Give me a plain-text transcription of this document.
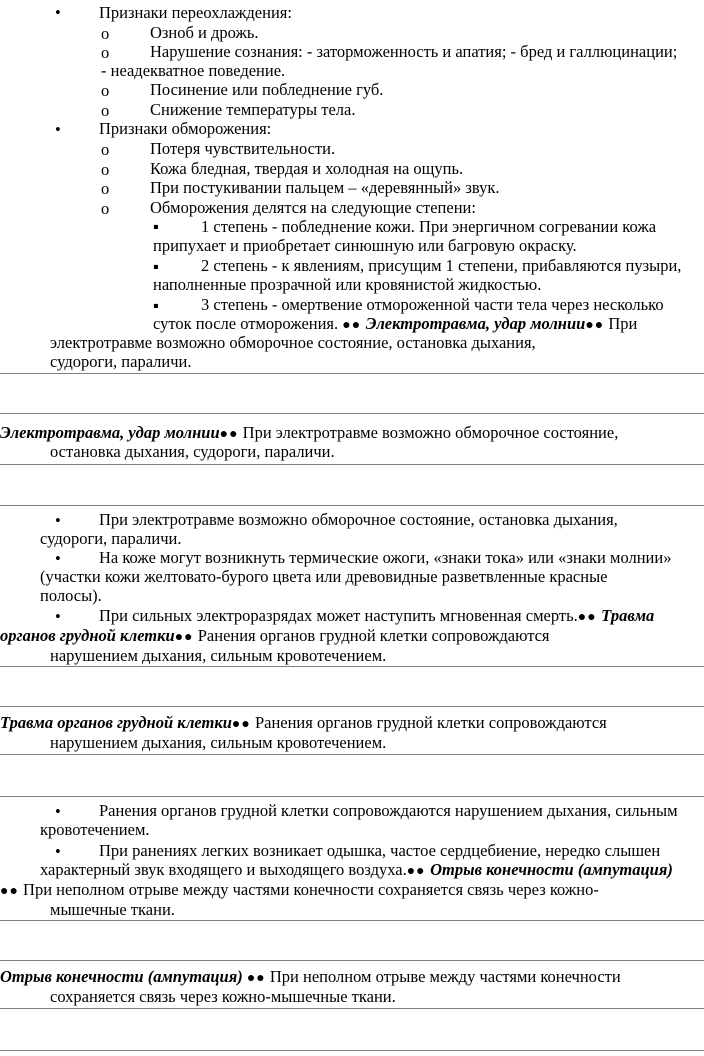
• Признаки переохлаждения:
o Озноб и дрожь.
o Нарушение сознания: - заторможенность и апатия; - бред и галлюцинации;
- неадекватное поведение.
o Посинение или побледнение губ.
o Снижение температуры тела.
• Признаки обморожения:
o Потеря чувствительности.
o Кожа бледная, твердая и холодная на ощупь.
o При постукивании пальцем – «деревянный» звук.
o Обморожения делятся на следующие степени:
▪	1 степень - побледнение кожи. При энергичном согревании кожа
припухает и приобретает синюшную или багровую окраску.
▪	2 степень - к явлениям, присущим 1 степени, прибавляются пузыри,
наполненные прозрачной или кровянистой жидкостью.
▪	3 степень - омертвение отмороженной части тела через несколько
суток после отморожения. ●● Электротравма, удар молнии●● При
электротравме возможно обморочное состояние, остановка дыхания,
судороги, параличи.
Электротравма, удар молнии●● При электротравме возможно обморочное состояние,
остановка дыхания, судороги, параличи.
• При электротравме возможно обморочное состояние, остановка дыхания,
судороги, параличи.
• На коже могут возникнуть термические ожоги, «знаки тока» или «знаки молнии»
(участки кожи желтовато-бурого цвета или древовидные разветвленные красные
полосы).
• При сильных электроразрядах может наступить мгновенная смерть.●● Травма
органов грудной клетки●● Ранения органов грудной клетки сопровождаются
нарушением дыхания, сильным кровотечением.
Травма органов грудной клетки●● Ранения органов грудной клетки сопровождаются
нарушением дыхания, сильным кровотечением.
• Ранения органов грудной клетки сопровождаются нарушением дыхания, сильным
кровотечением.
• При ранениях легких возникает одышка, частое сердцебиение, нередко слышен
характерный звук входящего и выходящего воздуха.●● Отрыв конечности (ампутация)
●● При неполном отрыве между частями конечности сохраняется связь через кожно-
мышечные ткани.
Отрыв конечности (ампутация) ●● При неполном отрыве между частями конечности
сохраняется связь через кожно-мышечные ткани.
